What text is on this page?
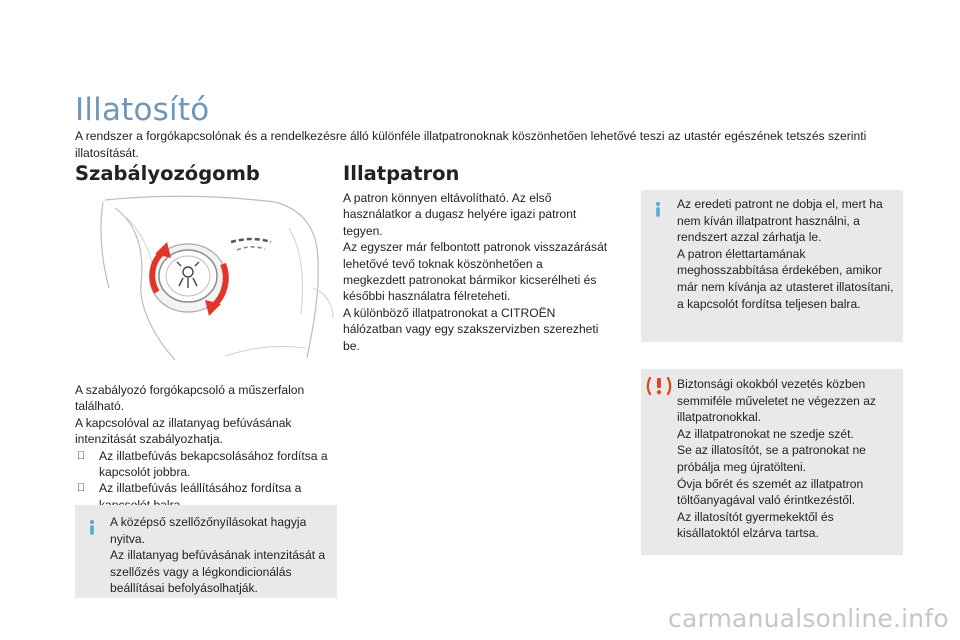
Illatosító
A rendszer a forgókapcsolónak és a rendelkezésre álló különféle illatpatronoknak köszönhetően lehetővé teszi az utastér egészének tetszés szerinti illatosítását.
Szabályozógomb

A szabályozó forgókapcsoló a műszerfalon található.

A kapcsolóval az illatanyag befúvásának intenzitását szabályozhatja.

Az illatbefúvás bekapcsolásához fordítsa a kapcsolót jobbra.
Az illatbefúvás leállításához fordítsa a

A középső szellőzőnyílásokat hagyja nyitva.

Az illatanyag befúvásának intenzitását a szellőzés vagy a légkondicionálás beállításai befolyásolhatják.

Illatpatron

A patron könnyen eltávolítható. Az első használatkor a dugasz helyére igazi patront tegyen.

Az egyszer már felbontott patronok visszazárását lehetővé tevő toknak köszönhetően a megkezdett patronokat bármikor kicserélheti és későbbi használatra félreteheti.

A különböző illatpatronokat a CITROËN hálózatban vagy egy szakszervizben szerezheti be.

Az eredeti patront ne dobja el, mert ha nem kíván illatpatront használni, a rendszert azzal zárhatja le.

A patron élettartamának meghosszabbítása érdekében, amikor már nem kívánja az utasteret illatosítani, a kapcsolót fordítsa teljesen balra.

Biztonsági okokból vezetés közben semmiféle műveletet ne végezzen az illatpatronokkal.

Az illatpatronokat ne szedje szét.

Se az illatosítót, se a patronokat ne próbálja meg újratölteni.

Óvja bőrét és szemét az illatpatron töltőanyagával való érintkezéstől.

Az illatosítót gyermekektől és kisállatoktól elzárva tartsa.

carmanualsonline.info
